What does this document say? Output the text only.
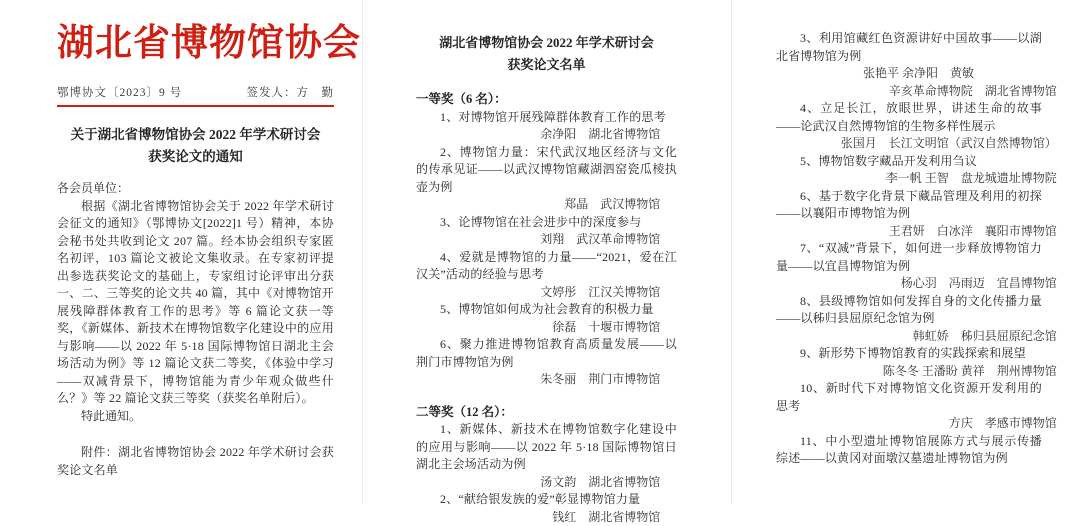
湖北省博物馆协会
鄂博协文〔2023〕9 号	签发人：方　勤
关于湖北省博物馆协会 2022 年学术研讨会
获奖论文的通知

各会员单位：

根据《湖北省博物馆协会关于 2022 年学术研讨会征文的通知》（鄂博协文[2022]1 号）精神，本协会秘书处共收到论文 207 篇。经本协会组织专家匿名初评，103 篇论文被论文集收录。在专家初评提出参选获奖论文的基础上，专家组讨论评审出分获一、二、三等奖的论文共 40 篇，其中《对博物馆开展残障群体教育工作的思考》等 6 篇论文获一等奖，《新媒体、新技术在博物馆数字化建设中的应用与影响——以 2022 年 5·18 国际博物馆日湖北主会场活动为例》等 12 篇论文获二等奖，《体验中学习——双减背景下，博物馆能为青少年观众做些什么？》等 22 篇论文获三等奖（获奖名单附后）。

特此通知。

附件：湖北省博物馆协会 2022 年学术研讨会获奖论文名单

湖北省博物馆协会 2022 年学术研讨会
获奖论文名单

一等奖（6 名）：

1、对博物馆开展残障群体教育工作的思考

余净阳　湖北省博物馆

2、博物馆力量：宋代武汉地区经济与文化的传承见证——以武汉博物馆藏湖泗窑瓷瓜棱执壶为例

郑晶　武汉博物馆

3、论博物馆在社会进步中的深度参与

刘翔　武汉革命博物馆

4、爱就是博物馆的力量——“2021，爱在江汉关”活动的经验与思考

文婷彤　江汉关博物馆

5、博物馆如何成为社会教育的积极力量

徐磊　十堰市博物馆

6、聚力推进博物馆教育高质量发展——以荆门市博物馆为例

朱冬丽　荆门市博物馆

二等奖（12 名）：

1、新媒体、新技术在博物馆数字化建设中的应用与影响——以 2022 年 5·18 国际博物馆日湖北主会场活动为例

汤文韵　湖北省博物馆

2、“献给银发族的爱”彰显博物馆力量

钱红　湖北省博物馆

3、利用馆藏红色资源讲好中国故事——以湖北省博物馆为例

张艳平 余净阳　黄敏

辛亥革命博物院　湖北省博物馆

4、立足长江，放眼世界，讲述生命的故事——论武汉自然博物馆的生物多样性展示

张国月　长江文明馆（武汉自然博物馆）

5、博物馆数字藏品开发利用刍议

李一帆 王智　盘龙城遗址博物院

6、基于数字化背景下藏品管理及利用的初探——以襄阳市博物馆为例

王君妍　白冰洋　襄阳市博物馆

7、“双减”背景下，如何进一步释放博物馆力量——以宜昌博物馆为例

杨心羽　冯雨迈　宜昌博物馆

8、县级博物馆如何发挥自身的文化传播力量——以秭归县屈原纪念馆为例

韩虹娇　秭归县屈原纪念馆

9、新形势下博物馆教育的实践探索和展望

陈冬冬 王潘盼 黄祥　荆州博物馆

10、新时代下对博物馆文化资源开发利用的思考

方庆　孝感市博物馆

11、中小型遗址博物馆展陈方式与展示传播综述——以黄冈对面墩汉墓遗址博物馆为例
